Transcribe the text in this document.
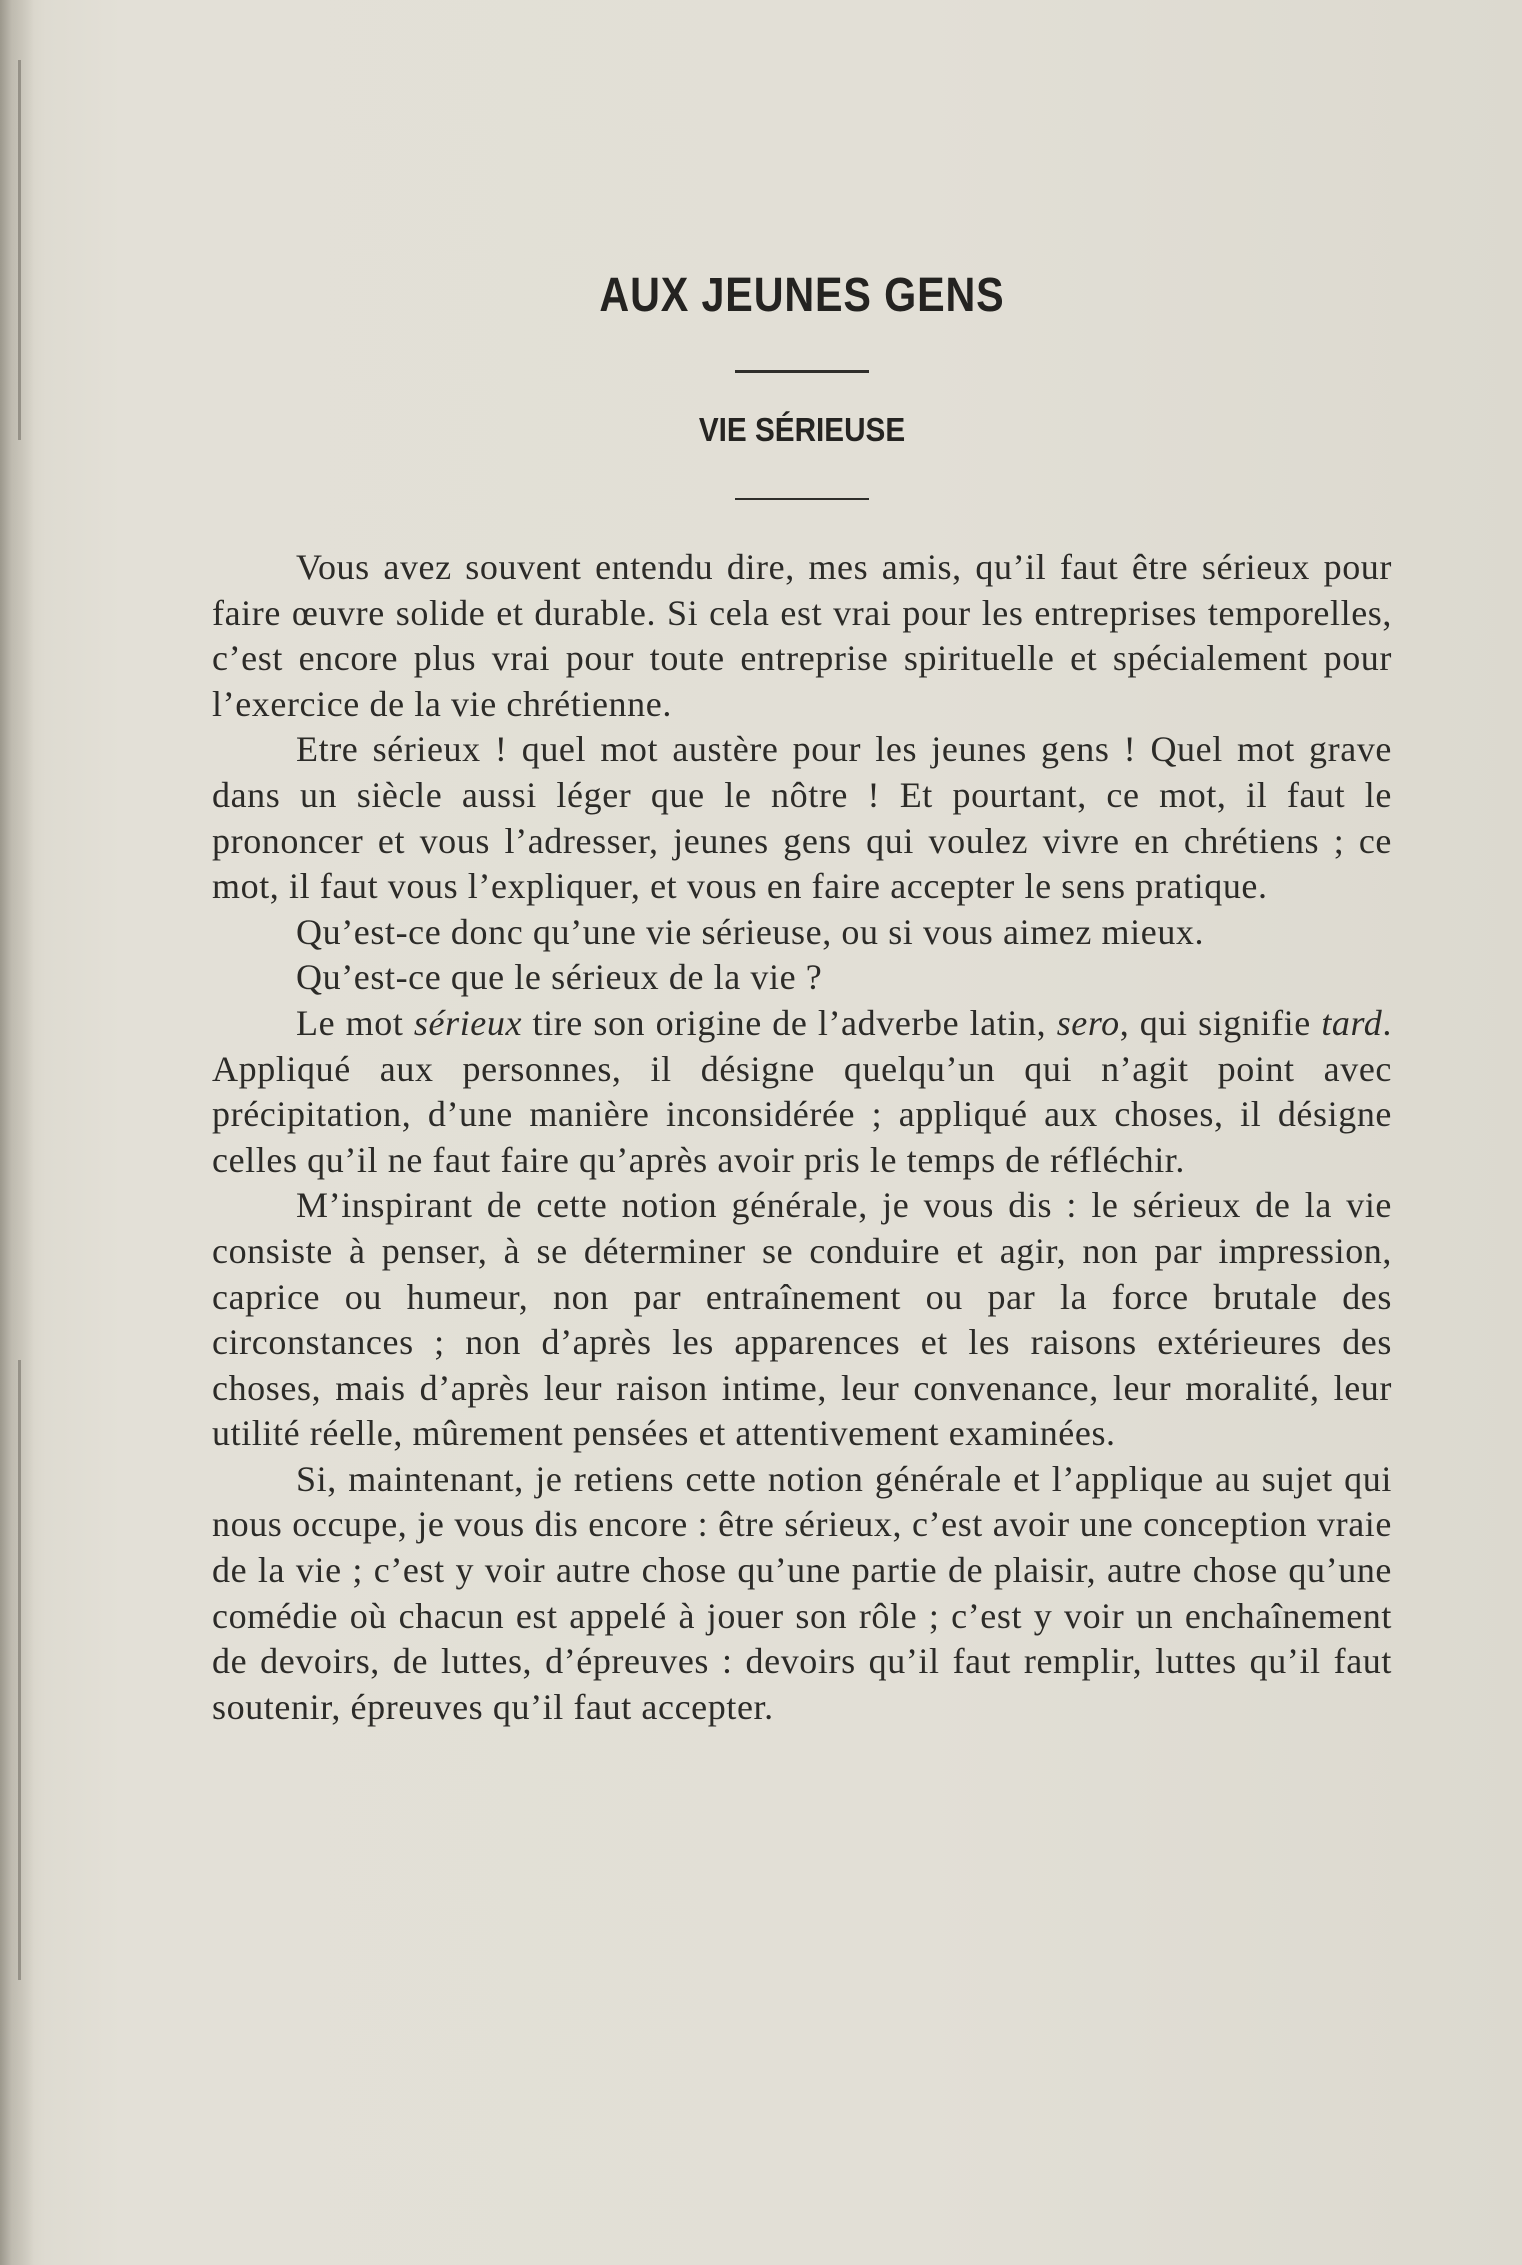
AUX JEUNES GENS
VIE SÉRIEUSE

Vous avez souvent entendu dire, mes amis, qu’il faut être sérieux pour faire œuvre solide et durable. Si cela est vrai pour les entreprises temporelles, c’est encore plus vrai pour toute entreprise spirituelle et spécialement pour l’exercice de la vie chrétienne.

Etre sérieux ! quel mot austère pour les jeunes gens ! Quel mot grave dans un siècle aussi léger que le nôtre ! Et pourtant, ce mot, il faut le prononcer et vous l’adresser, jeunes gens qui voulez vivre en chrétiens ; ce mot, il faut vous l’expliquer, et vous en faire accepter le sens pratique.

Qu’est-ce donc qu’une vie sérieuse, ou si vous aimez mieux.

Qu’est-ce que le sérieux de la vie ?

Le mot sérieux tire son origine de l’adverbe latin, sero, qui signifie tard. Appliqué aux personnes, il désigne quelqu’un qui n’agit point avec précipitation, d’une manière inconsidérée ; appliqué aux choses, il désigne celles qu’il ne faut faire qu’après avoir pris le temps de réfléchir.

M’inspirant de cette notion générale, je vous dis : le sérieux de la vie consiste à penser, à se déterminer se conduire et agir, non par impression, caprice ou humeur, non par entraînement ou par la force brutale des circonstances ; non d’après les apparences et les raisons extérieures des choses, mais d’après leur raison intime, leur convenance, leur moralité, leur utilité réelle, mûrement pensées et attentivement examinées.

Si, maintenant, je retiens cette notion générale et l’applique au sujet qui nous occupe, je vous dis encore : être sérieux, c’est avoir une conception vraie de la vie ; c’est y voir autre chose qu’une partie de plaisir, autre chose qu’une comédie où chacun est appelé à jouer son rôle ; c’est y voir un enchaînement de devoirs, de luttes, d’épreuves : devoirs qu’il faut remplir, luttes qu’il faut soutenir, épreuves qu’il faut accepter.
